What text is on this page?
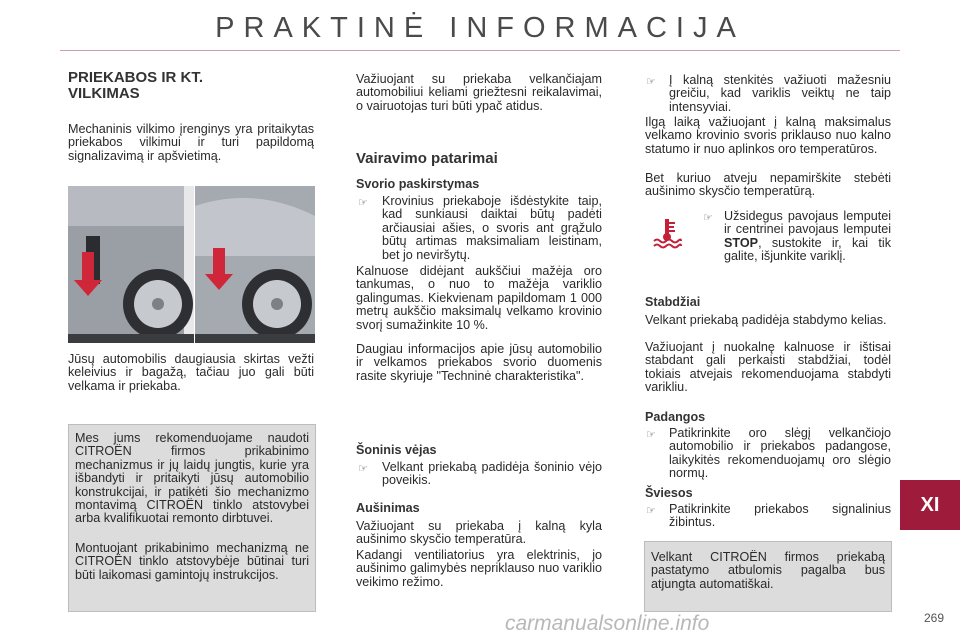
PRAKTINĖ INFORMACIJA
PRIEKABOS IR KT.
VILKIMAS

Mechaninis vilkimo įrenginys yra pritaikytas priekabos vilkimui ir turi papildomą signalizavimą ir apšvietimą.

Jūsų automobilis daugiausia skirtas vežti keleivius ir bagažą, tačiau juo gali būti velkama ir priekaba.

Mes jums rekomenduojame naudoti CITROËN firmos prikabinimo mechanizmus ir jų laidų jungtis, kurie yra išbandyti ir pritaikyti jūsų automobilio konstrukcijai, ir patikėti šio mechanizmo montavimą CITROËN tinklo atstovybei arba kvalifikuotai remonto dirbtuvei.

Montuojant prikabinimo mechanizmą ne CITROËN tinklo atstovybėje būtinai turi būti laikomasi gamintojų instrukcijos.

Važiuojant su priekaba velkančiajam automobiliui keliami griežtesni reikalavimai, o vairuotojas turi būti ypač atidus.

Vairavimo patarimai
Svorio paskirstymas
☞ Krovinius priekaboje išdėstykite taip, kad sunkiausi daiktai būtų padėti arčiausiai ašies, o svoris ant grąžulo būtų artimas maksimaliam leistinam, bet jo neviršytų.

Kalnuose didėjant aukščiui mažėja oro tankumas, o nuo to mažėja variklio galingumas. Kiekvienam papildomam 1 000 metrų aukščio maksimalų velkamo krovinio svorį sumažinkite 10 %.

Daugiau informacijos apie jūsų automobilio ir velkamos priekabos svorio duomenis rasite skyriuje "Techninė charakteristika".

Šoninis vėjas
☞ Velkant priekabą padidėja šoninio vėjo poveikis.

Aušinimas

Važiuojant su priekaba į kalną kyla aušinimo skysčio temperatūra.

Kadangi ventiliatorius yra elektrinis, jo aušinimo galimybės nepriklauso nuo variklio veikimo režimo.

☞ Į kalną stenkitės važiuoti mažesniu greičiu, kad variklis veiktų ne taip intensyviai.

Ilgą laiką važiuojant į kalną maksimalus velkamo krovinio svoris priklauso nuo kalno statumo ir nuo aplinkos oro temperatūros.

Bet kuriuo atveju nepamirškite stebėti aušinimo skysčio temperatūrą.

☞ Užsidegus pavojaus lemputei ir centrinei pavojaus lemputei STOP, sustokite ir, kai tik galite, išjunkite variklį.

Stabdžiai

Velkant priekabą padidėja stabdymo kelias.

Važiuojant į nuokalnę kalnuose ir ištisai stabdant gali perkaisti stabdžiai, todėl tokiais atvejais rekomenduojama stabdyti varikliu.

Padangos
☞ Patikrinkite oro slėgį velkančiojo automobilio ir priekabos padangose, laikykitės rekomenduojamų oro slėgio normų.

Šviesos
☞ Patikrinkite priekabos signalinius žibintus.

Velkant CITROËN firmos priekabą pastatymo atbulomis pagalba bus atjungta automatiškai.

XI
269
carmanualsonline.info
